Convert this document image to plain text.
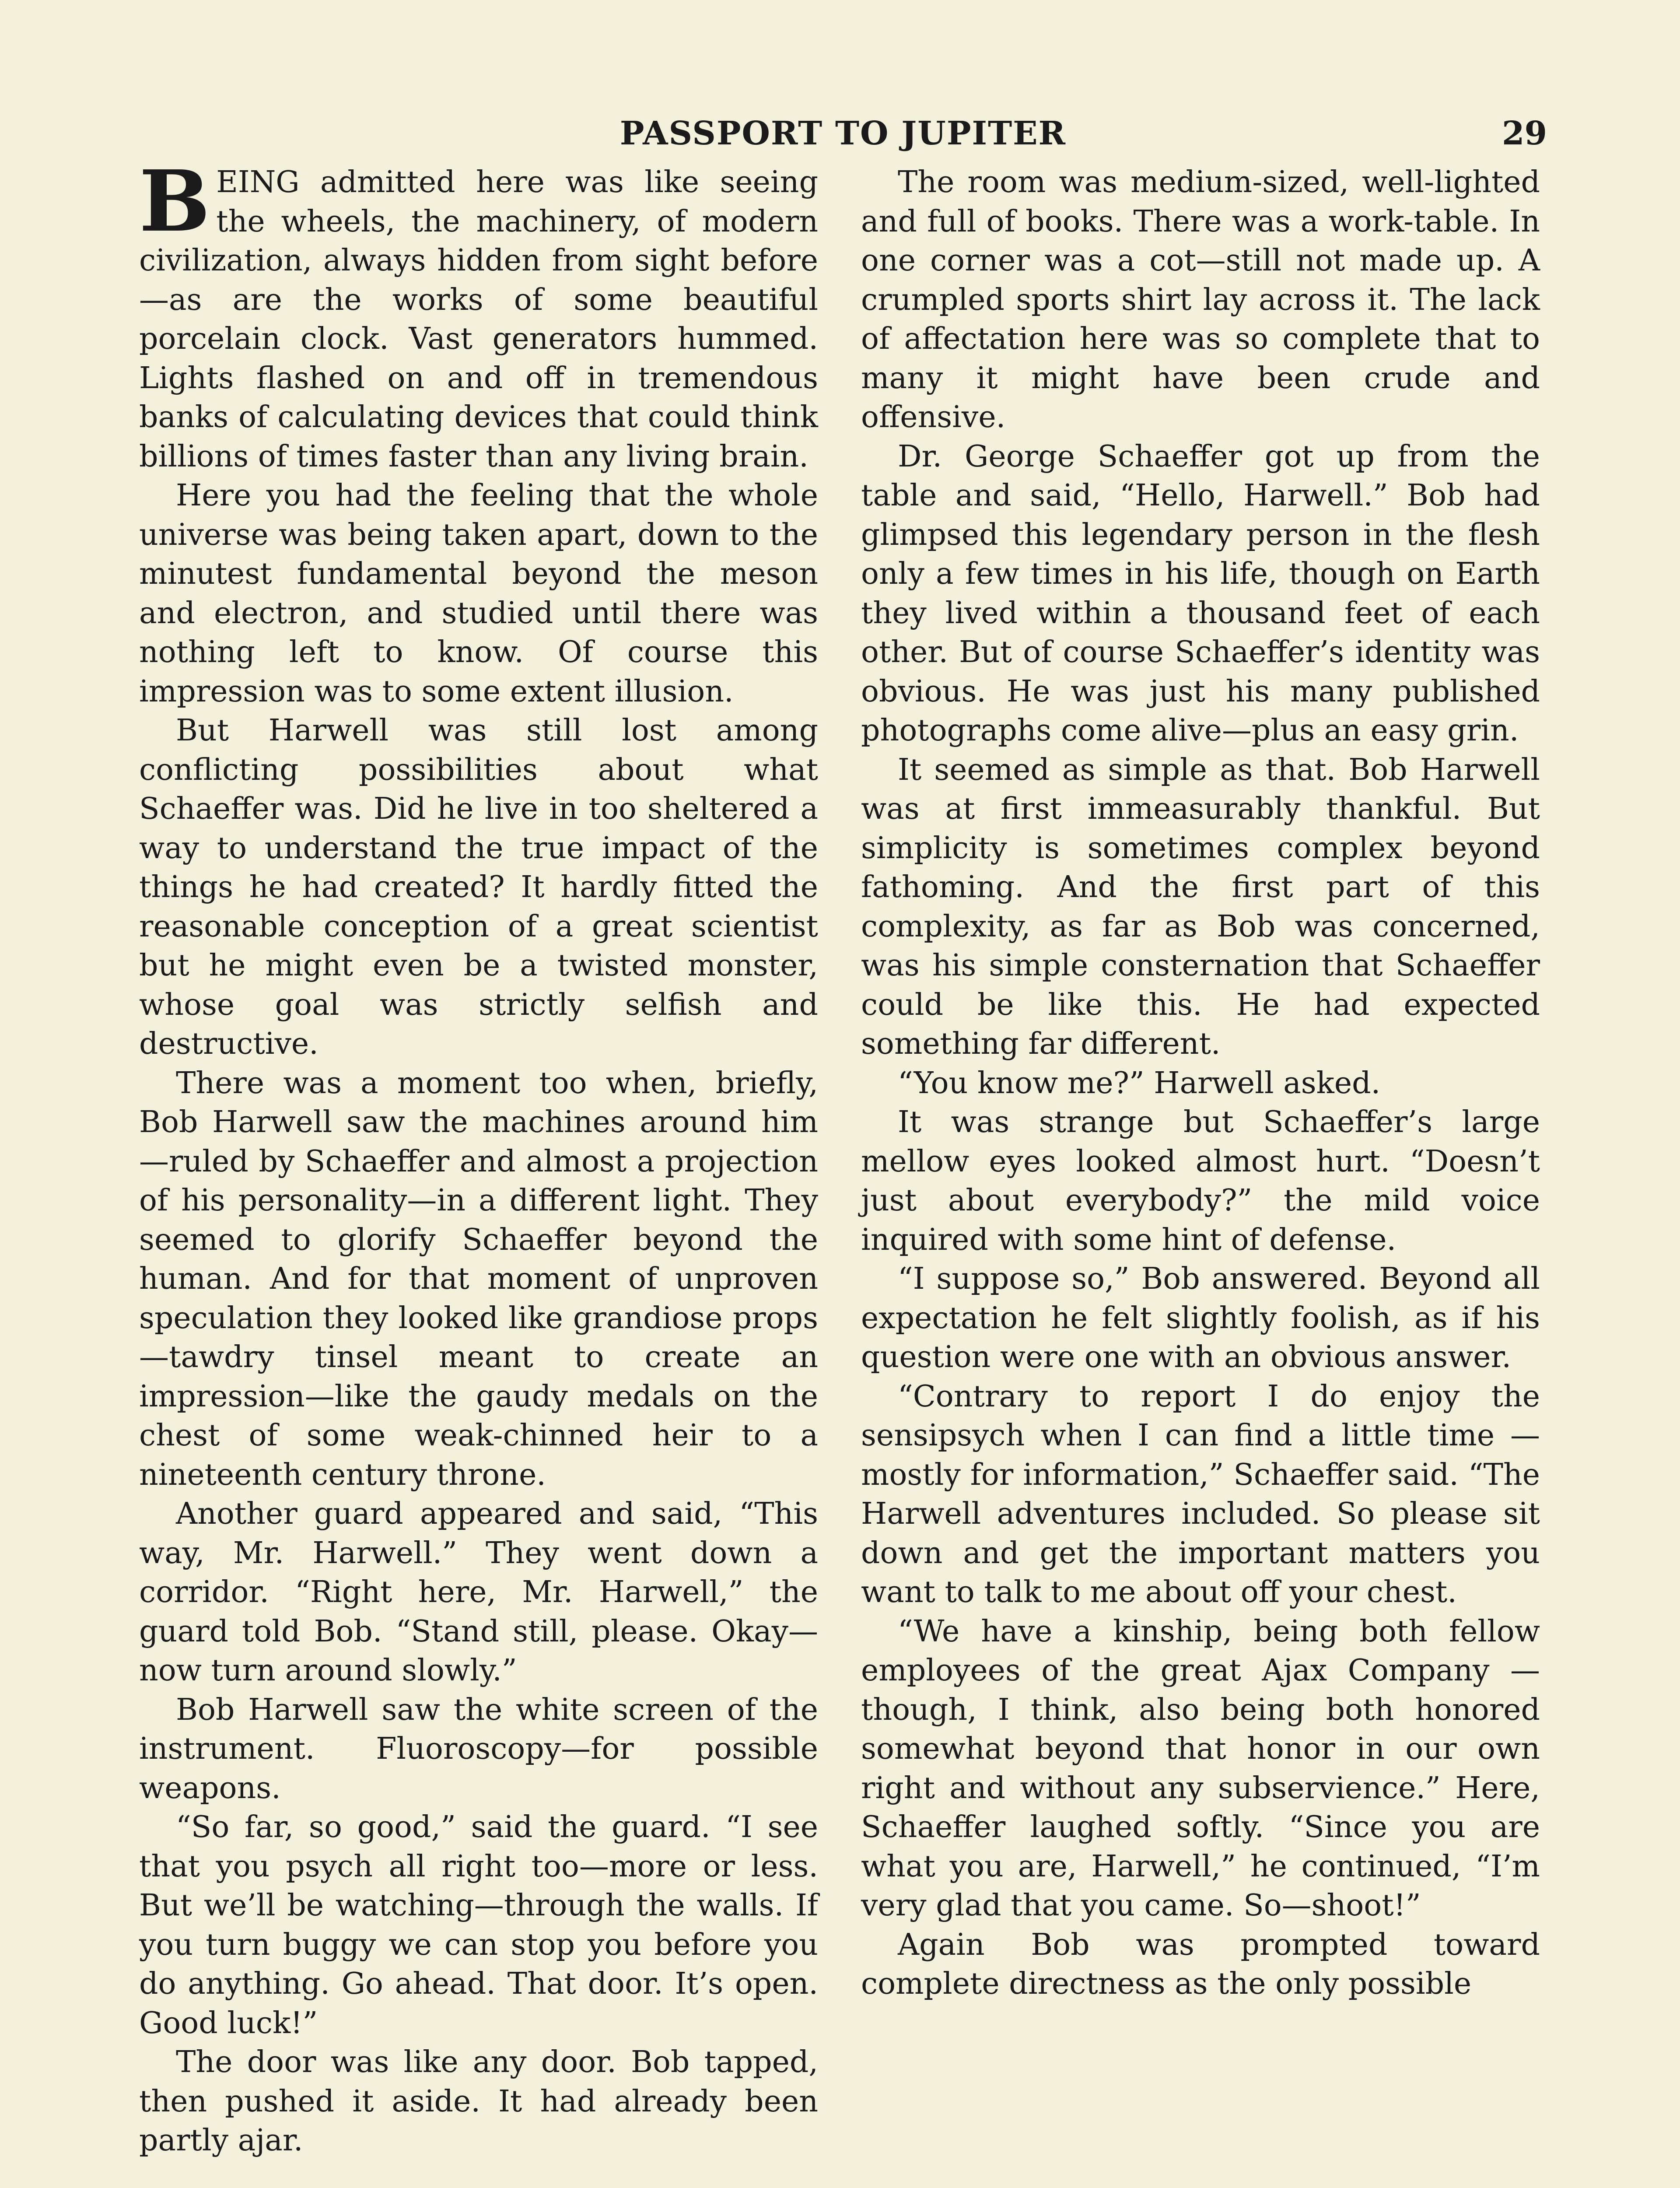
PASSPORT TO JUPITER	29

BEING admitted here was like seeing the wheels, the machinery, of modern civilization, always hidden from sight before—as are the works of some beautiful porcelain clock. Vast generators hummed. Lights flashed on and off in tremendous banks of calculating devices that could think billions of times faster than any living brain.

Here you had the feeling that the whole universe was being taken apart, down to the minutest fundamental beyond the meson and electron, and studied until there was nothing left to know. Of course this impression was to some extent illusion.

But Harwell was still lost among conflicting possibilities about what Schaeffer was. Did he live in too sheltered a way to understand the true impact of the things he had created? It hardly fitted the reasonable conception of a great scientist but he might even be a twisted monster, whose goal was strictly selfish and destructive.

There was a moment too when, briefly, Bob Harwell saw the machines around him—ruled by Schaeffer and almost a projection of his personality—in a different light. They seemed to glorify Schaeffer beyond the human. And for that moment of unproven speculation they looked like grandiose props—tawdry tinsel meant to create an impression—like the gaudy medals on the chest of some weak-chinned heir to a nineteenth century throne.

Another guard appeared and said, “This way, Mr. Harwell.” They went down a corridor. “Right here, Mr. Harwell,” the guard told Bob. “Stand still, please. Okay—now turn around slowly.”

Bob Harwell saw the white screen of the instrument. Fluoroscopy—for possible weapons.

“So far, so good,” said the guard. “I see that you psych all right too—more or less. But we’ll be watching—through the walls. If you turn buggy we can stop you before you do anything. Go ahead. That door. It’s open. Good luck!”

The door was like any door. Bob tapped, then pushed it aside. It had already been partly ajar.

The room was medium-sized, well-lighted and full of books. There was a work-table. In one corner was a cot—still not made up. A crumpled sports shirt lay across it. The lack of affectation here was so complete that to many it might have been crude and offensive.

Dr. George Schaeffer got up from the table and said, “Hello, Harwell.” Bob had glimpsed this legendary person in the flesh only a few times in his life, though on Earth they lived within a thousand feet of each other. But of course Schaeffer’s identity was obvious. He was just his many published photographs come alive—plus an easy grin.

It seemed as simple as that. Bob Harwell was at first immeasurably thankful. But simplicity is sometimes complex beyond fathoming. And the first part of this complexity, as far as Bob was concerned, was his simple consternation that Schaeffer could be like this. He had expected something far different.

“You know me?” Harwell asked.

It was strange but Schaeffer’s large mellow eyes looked almost hurt. “Doesn’t just about everybody?” the mild voice inquired with some hint of defense.

“I suppose so,” Bob answered. Beyond all expectation he felt slightly foolish, as if his question were one with an obvious answer.

“Contrary to report I do enjoy the sensipsych when I can find a little time —mostly for information,” Schaeffer said. “The Harwell adventures included. So please sit down and get the important matters you want to talk to me about off your chest.

“We have a kinship, being both fellow employees of the great Ajax Company —though, I think, also being both honored somewhat beyond that honor in our own right and without any subservience.” Here, Schaeffer laughed softly. “Since you are what you are, Harwell,” he continued, “I’m very glad that you came. So—shoot!”

Again Bob was prompted toward complete directness as the only possible
